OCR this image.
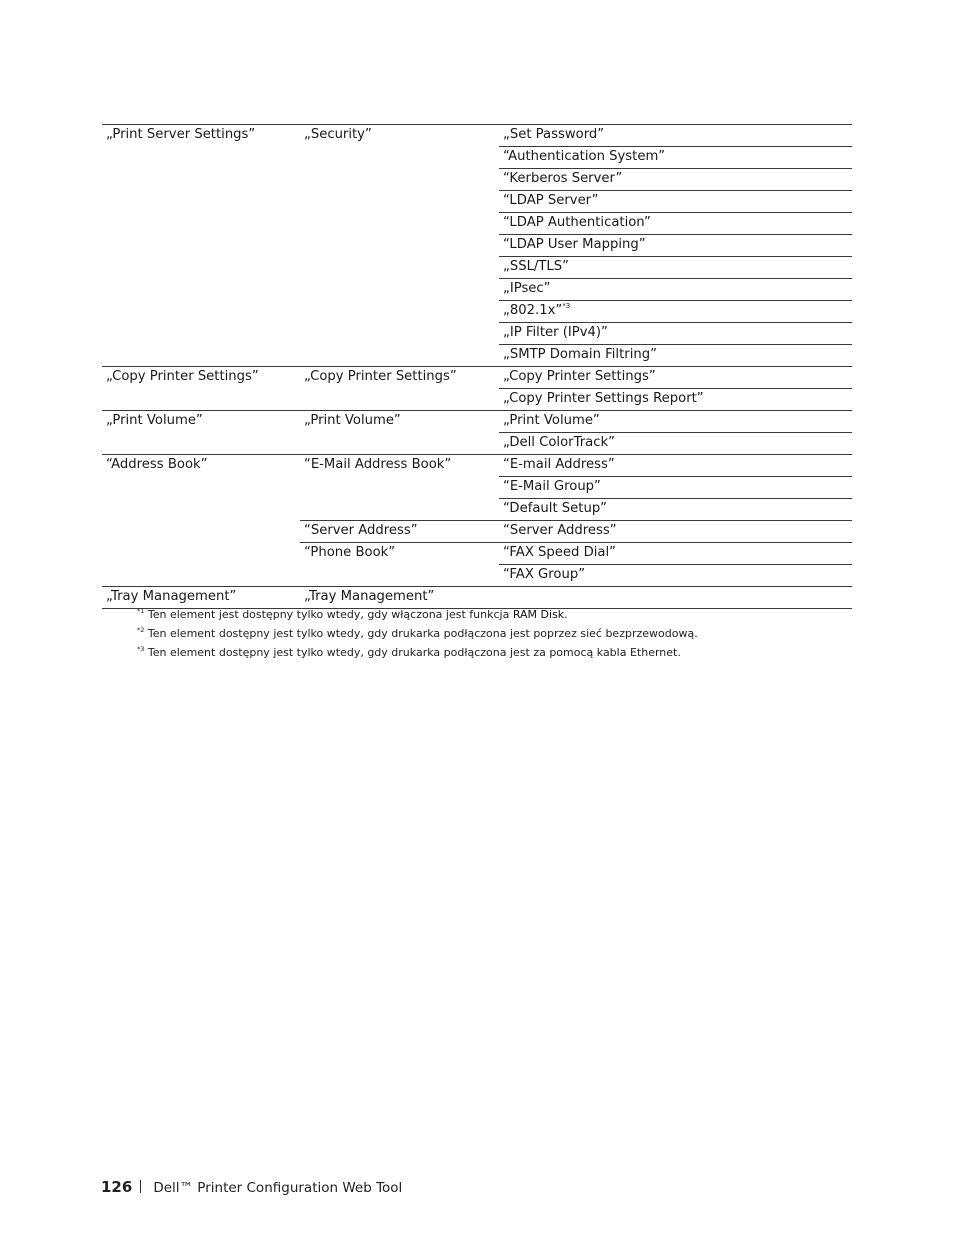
„Print Server Settings”	„Security”	„Set Password”
		“Authentication System”
		“Kerberos Server”
		“LDAP Server”
		“LDAP Authentication”
		“LDAP User Mapping”
		„SSL/TLS”
		„IPsec”
		„802.1x”$^{*3}$
		„IP Filter (IPv4)”
		„SMTP Domain Filtring”
„Copy Printer Settings”	„Copy Printer Settings”	„Copy Printer Settings”
		„Copy Printer Settings Report”
„Print Volume”	„Print Volume”	„Print Volume”
		„Dell ColorTrack”
“Address Book”	“E-Mail Address Book”	“E-mail Address”
		“E-Mail Group”
		“Default Setup”
	“Server Address”	“Server Address”
	“Phone Book”	“FAX Speed Dial”
		“FAX Group”
„Tray Management”	„Tray Management”	
$^{*1}$ Ten element jest dostępny tylko wtedy, gdy włączona jest funkcja RAM Disk.
$^{*2}$ Ten element dostępny jest tylko wtedy, gdy drukarka podłączona jest poprzez sieć bezprzewodową.
$^{*3}$ Ten element dostępny jest tylko wtedy, gdy drukarka podłączona jest za pomocą kabla Ethernet.
126 Dell™ Printer Configuration Web Tool
